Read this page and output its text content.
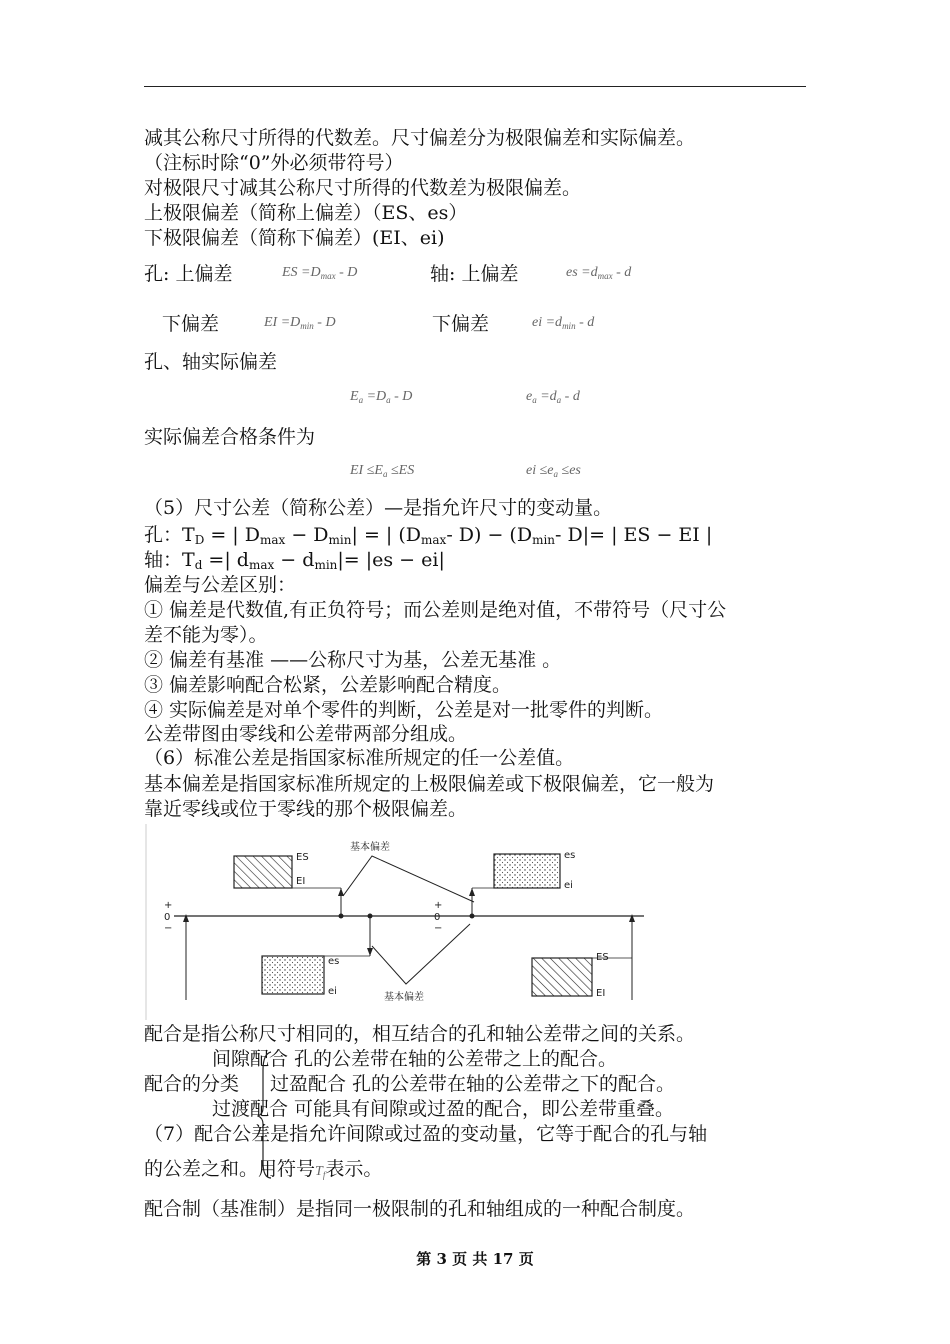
减其公称尺寸所得的代数差。尺寸偏差分为极限偏差和实际偏差。
（注标时除“0”外必须带符号）
对极限尺寸减其公称尺寸所得的代数差为极限偏差。
上极限偏差（简称上偏差）（ES、es）
下极限偏差（简称下偏差）(EI、ei)
孔: 上偏差	ES $=D_{max} - D$	轴: 上偏差	es $=d_{max} - d$
下偏差	EI $=D_{min} - D$	下偏差	ei $=d_{min} - d$
孔、轴实际偏差
$E_a =D_a - D$	$e_a =d_a - d$
实际偏差合格条件为
EI $\le E_a \le ES$	ei $\le e_a \le es$
（5）尺寸公差（简称公差）—是指允许尺寸的变动量。
孔：$T_D$ = | $D_{max} - D_{min}|$ = | ($D_{max}-$ $D) - (D_{min}-$ D|= | ES − EI |
轴：$T_d$ =| $d_{max} - d_{min}|= |es - ei|$
偏差与公差区别：
① 偏差是代数值,有正负符号；而公差则是绝对值，不带符号（尺寸公
差不能为零）。
② 偏差有基准 ——公称尺寸为基，公差无基准 。
③ 偏差影响配合松紧，公差影响配合精度。
④ 实际偏差是对单个零件的判断，公差是对一批零件的判断。
公差带图由零线和公差带两部分组成。
（6）标准公差是指国家标准所规定的任一公差值。
基本偏差是指国家标准所规定的上极限偏差或下极限偏差，它一般为
靠近零线或位于零线的那个极限偏差。
+
0
−
+
0
−
ES
EI
es
ei
es
ei
ES
EI
基本偏差
基本偏差
配合是指公称尺寸相同的，相互结合的孔和轴公差带之间的关系。
间隙配合 孔的公差带在轴的公差带之上的配合。
配合的分类 过盈配合 孔的公差带在轴的公差带之下的配合。
过渡配合 可能具有间隙或过盈的配合，即公差带重叠。
（7）配合公差是指允许间隙或过盈的变动量，它等于配合的孔与轴
的公差之和。用符号$T_f$表示。
配合制（基准制）是指同一极限制的孔和轴组成的一种配合制度。
第 3 页 共 17 页
